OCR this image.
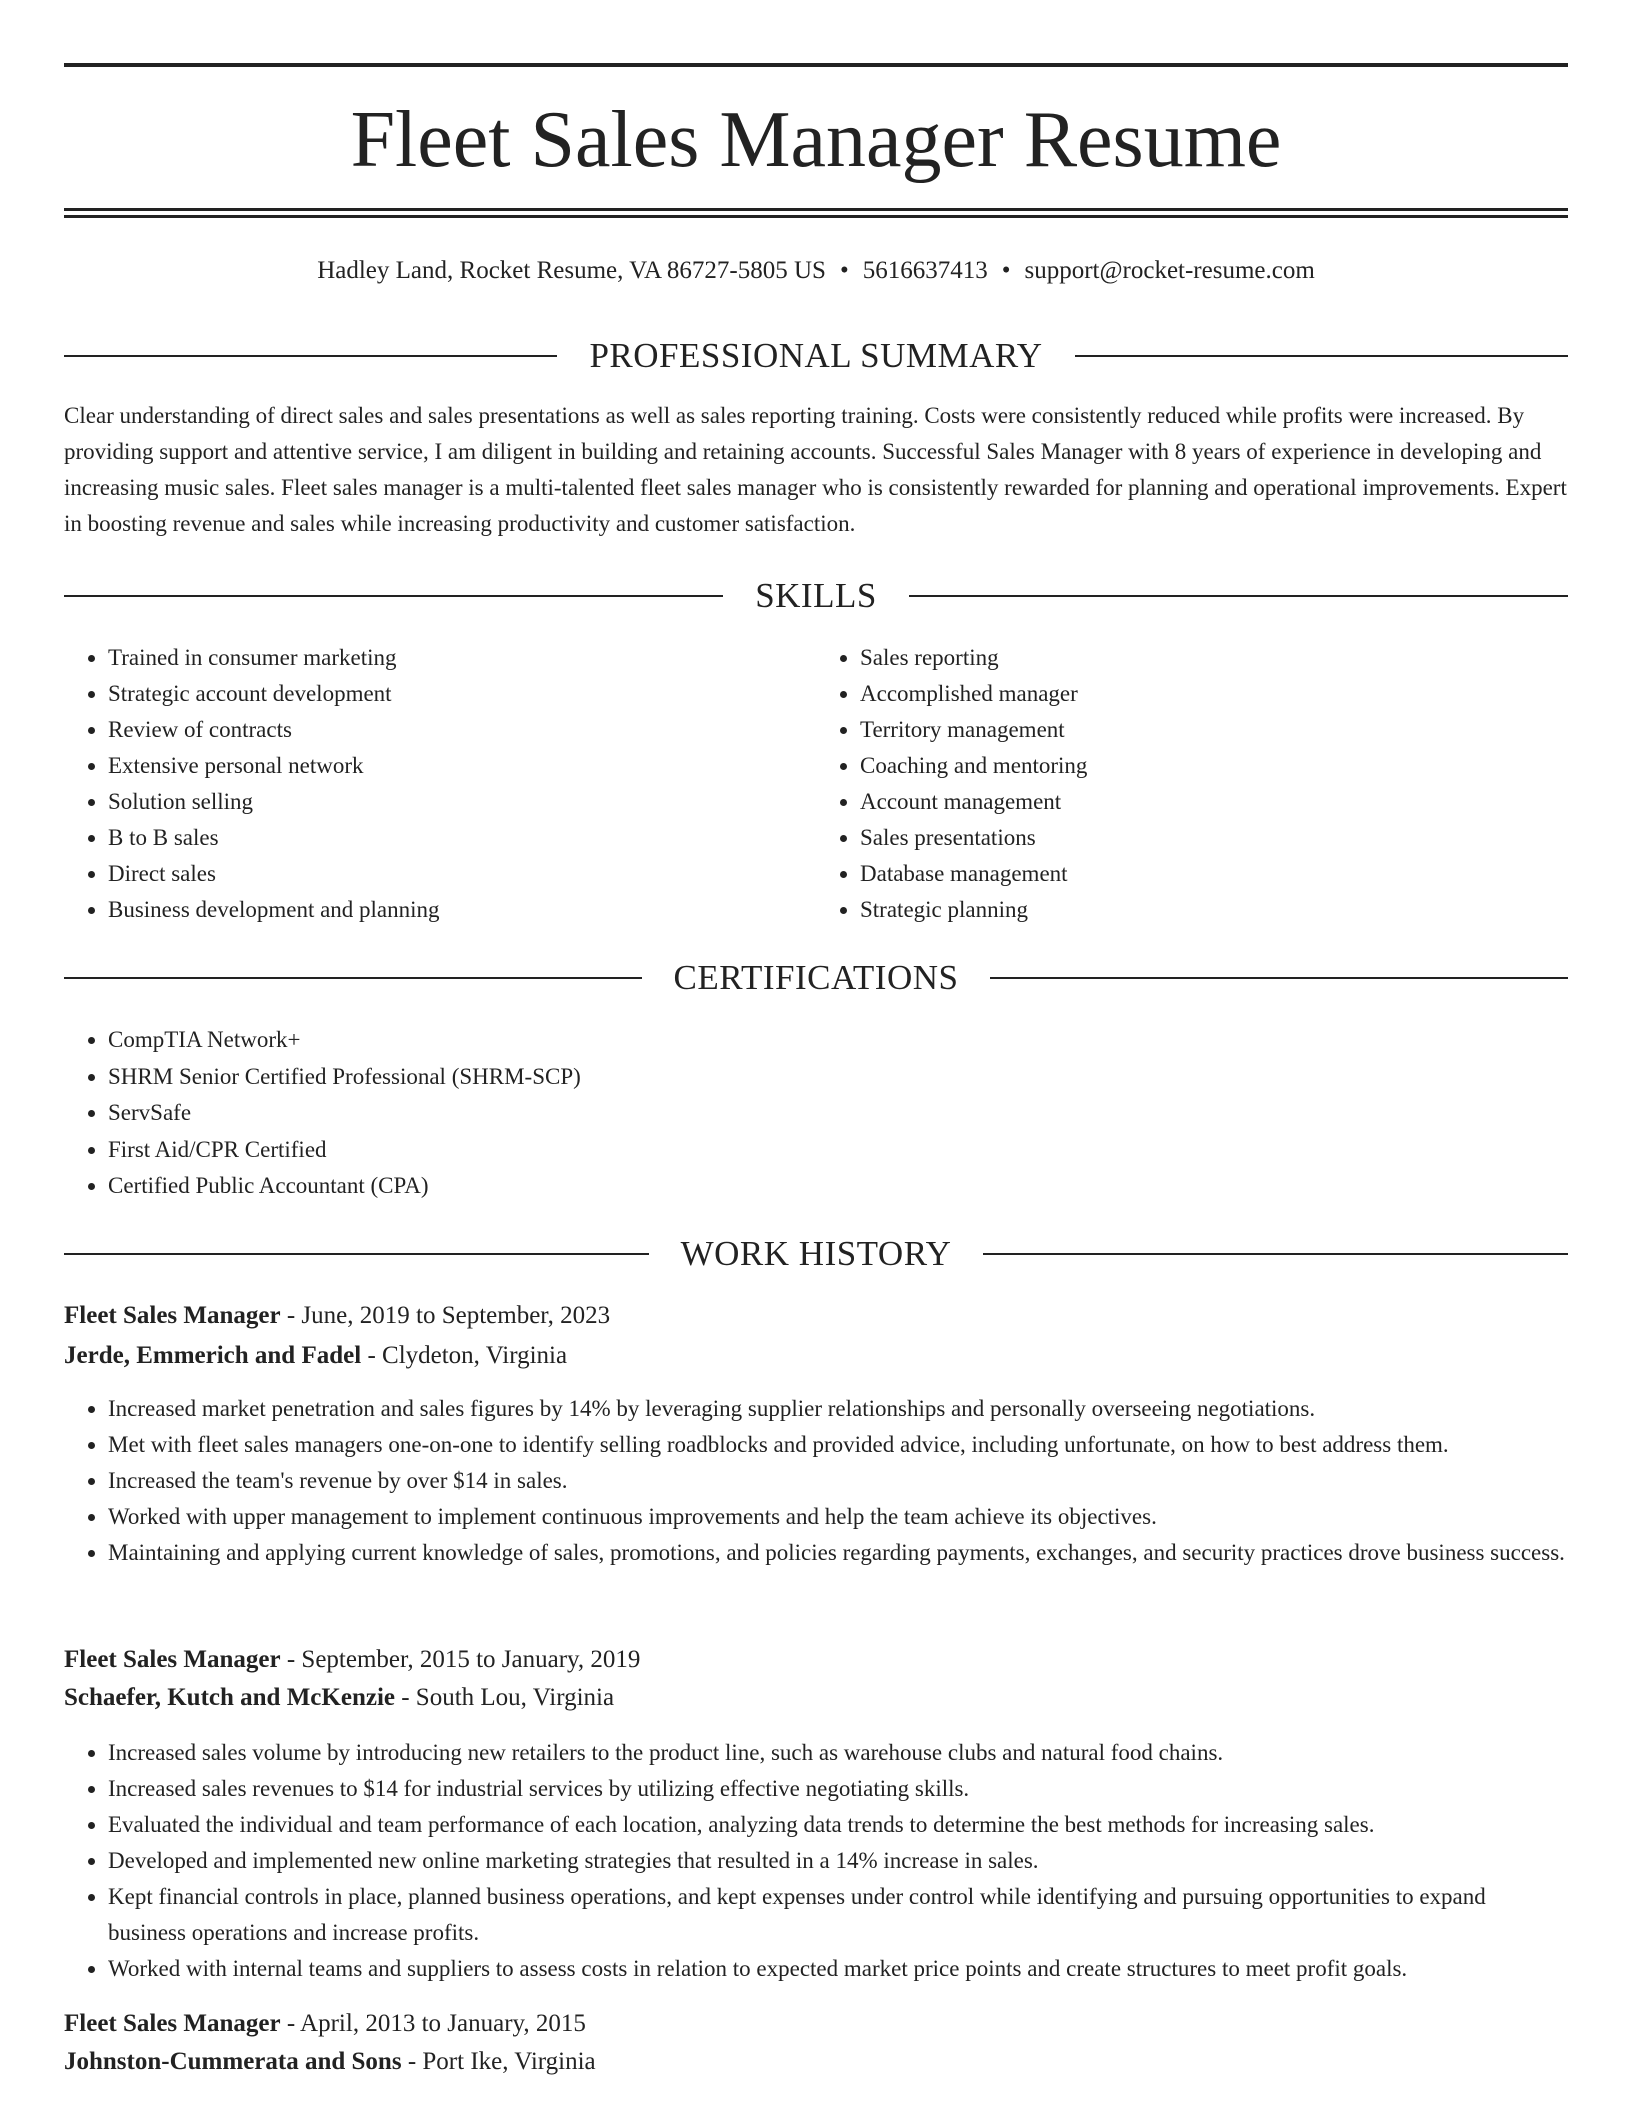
Fleet Sales Manager Resume
Hadley Land, Rocket Resume, VA 86727-5805 US • 5616637413 • support@rocket-resume.com
PROFESSIONAL SUMMARY

Clear understanding of direct sales and sales presentations as well as sales reporting training. Costs were consistently reduced while profits were increased. By providing support and attentive service, I am diligent in building and retaining accounts. Successful Sales Manager with 8 years of experience in developing and increasing music sales. Fleet sales manager is a multi-talented fleet sales manager who is consistently rewarded for planning and operational improvements. Expert in boosting revenue and sales while increasing productivity and customer satisfaction.

SKILLS
• Trained in consumer marketing
• Strategic account development
• Review of contracts
• Extensive personal network
• Solution selling
• B to B sales
• Direct sales
• Business development and planning
• Sales reporting
• Accomplished manager
• Territory management
• Coaching and mentoring
• Account management
• Sales presentations
• Database management
• Strategic planning
CERTIFICATIONS
• CompTIA Network+
• SHRM Senior Certified Professional (SHRM-SCP)
• ServSafe
• First Aid/CPR Certified
• Certified Public Accountant (CPA)
WORK HISTORY
Fleet Sales Manager - June, 2019 to September, 2023
Jerde, Emmerich and Fadel - Clydeton, Virginia
• Increased market penetration and sales figures by 14% by leveraging supplier relationships and personally overseeing negotiations.
• Met with fleet sales managers one-on-one to identify selling roadblocks and provided advice, including unfortunate, on how to best address them.
• Increased the team's revenue by over $14 in sales.
• Worked with upper management to implement continuous improvements and help the team achieve its objectives.
• Maintaining and applying current knowledge of sales, promotions, and policies regarding payments, exchanges, and security practices drove business success.
Fleet Sales Manager - September, 2015 to January, 2019
Schaefer, Kutch and McKenzie - South Lou, Virginia
• Increased sales volume by introducing new retailers to the product line, such as warehouse clubs and natural food chains.
• Increased sales revenues to $14 for industrial services by utilizing effective negotiating skills.
• Evaluated the individual and team performance of each location, analyzing data trends to determine the best methods for increasing sales.
• Developed and implemented new online marketing strategies that resulted in a 14% increase in sales.
• Kept financial controls in place, planned business operations, and kept expenses under control while identifying and pursuing opportunities to expand business operations and increase profits.
• Worked with internal teams and suppliers to assess costs in relation to expected market price points and create structures to meet profit goals.
Fleet Sales Manager - April, 2013 to January, 2015
Johnston-Cummerata and Sons - Port Ike, Virginia
